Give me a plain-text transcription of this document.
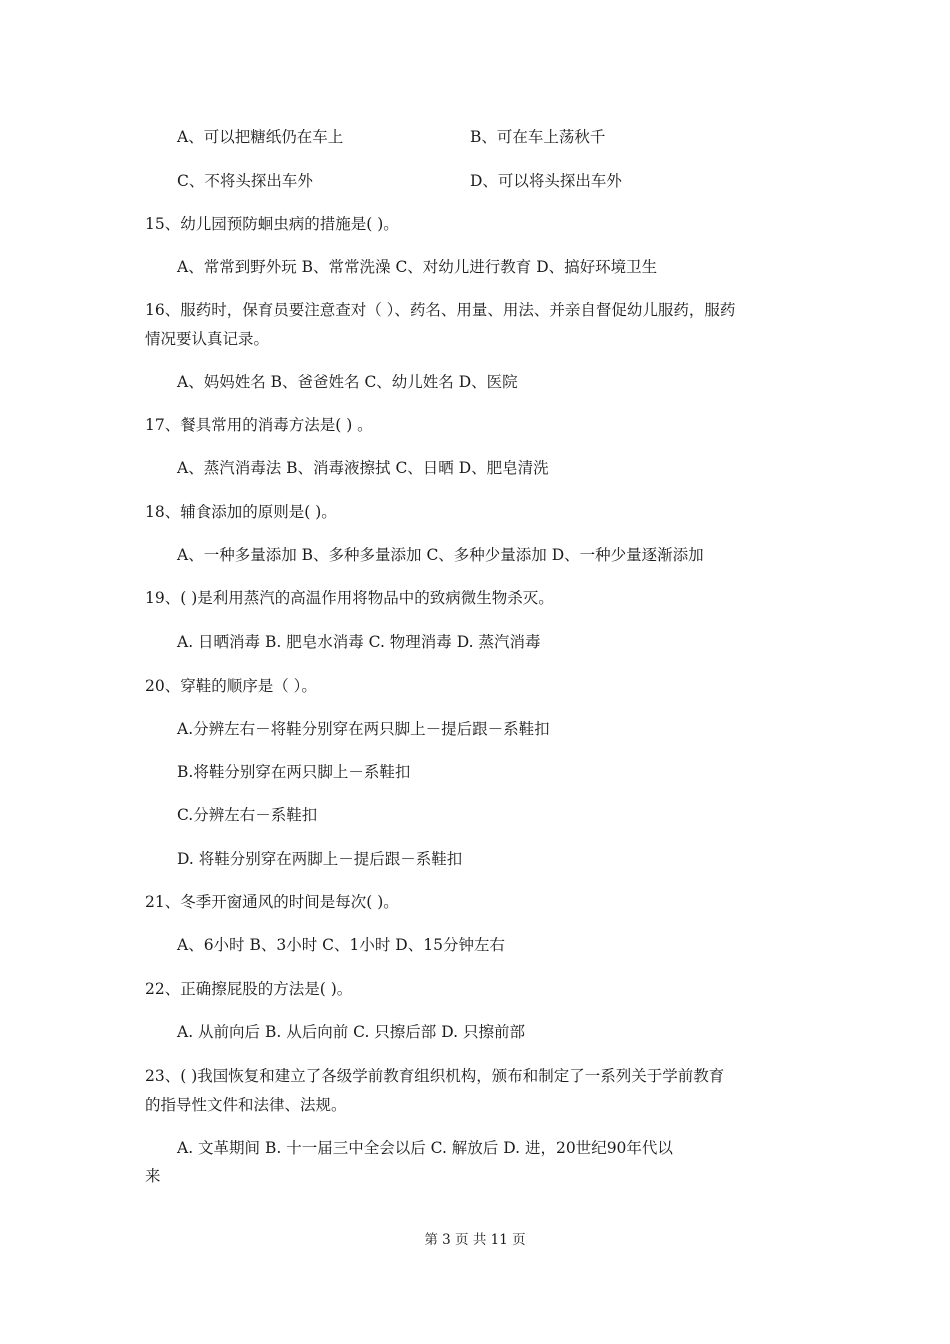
A、可以把糖纸仍在车上	B、可在车上荡秋千
C、不将头探出车外	D、可以将头探出车外
15、幼儿园预防蛔虫病的措施是( )。
A、常常到野外玩 B、常常洗澡 C、对幼儿进行教育 D、搞好环境卫生
16、服药时，保育员要注意查对（ ）、药名、用量、用法、并亲自督促幼儿服药，服药
情况要认真记录。
A、妈妈姓名 B、爸爸姓名 C、幼儿姓名 D、医院
17、餐具常用的消毒方法是( ) 。
A、蒸汽消毒法 B、消毒液擦拭 C、日晒 D、肥皂清洗
18、辅食添加的原则是( )。
A、一种多量添加 B、多种多量添加 C、多种少量添加 D、一种少量逐渐添加
19、( )是利用蒸汽的高温作用将物品中的致病微生物杀灭。
A. 日晒消毒 B. 肥皂水消毒 C. 物理消毒 D. 蒸汽消毒
20、穿鞋的顺序是（ ）。
A.分辨左右－将鞋分别穿在两只脚上－提后跟－系鞋扣
B.将鞋分别穿在两只脚上－系鞋扣
C.分辨左右－系鞋扣
D. 将鞋分别穿在两脚上－提后跟－系鞋扣
21、冬季开窗通风的时间是每次( )。
A、6小时 B、3小时 C、1小时 D、15分钟左右
22、正确擦屁股的方法是( )。
A. 从前向后 B. 从后向前 C. 只擦后部 D. 只擦前部
23、( )我国恢复和建立了各级学前教育组织机构，颁布和制定了一系列关于学前教育
的指导性文件和法律、法规。
A. 文革期间 B. 十一届三中全会以后 C. 解放后 D. 进，20世纪90年代以
来
第 3 页 共 11 页
